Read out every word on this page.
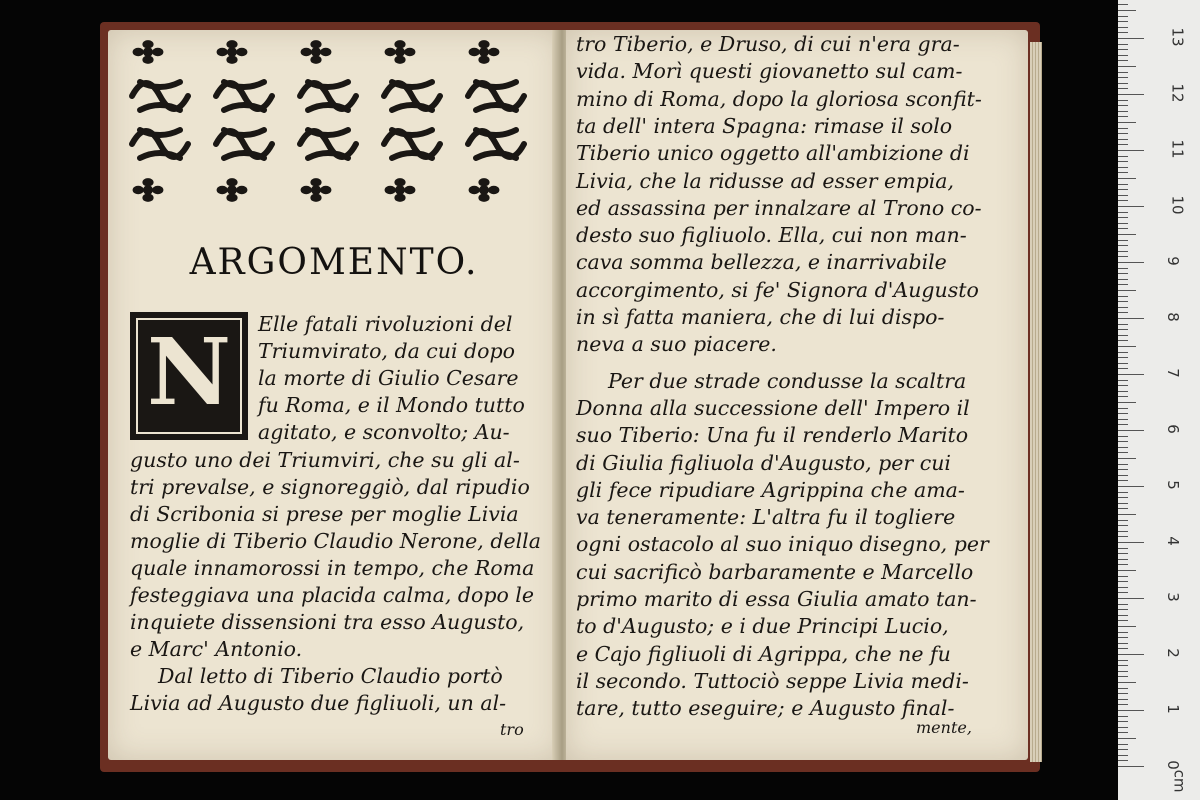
ARGOMENTO.
N	Elle fatali rivoluzioni del
Triumvirato, da cui dopo
la morte di Giulio Cesare
fu Roma, e il Mondo tutto
agitato, e sconvolto; Au-
gusto uno dei Triumviri, che su gli al-
tri prevalse, e signoreggiò, dal ripudio
di Scribonia si prese per moglie Livia
moglie di Tiberio Claudio Nerone, della
quale innamorossi in tempo, che Roma
festeggiava una placida calma, dopo le
inquiete dissensioni tra esso Augusto,
e Marc' Antonio.
Dal letto di Tiberio Claudio portò
Livia ad Augusto due figliuoli, un al-
tro
tro Tiberio, e Druso, di cui n'era gra-
vida. Morì questi giovanetto sul cam-
mino di Roma, dopo la gloriosa sconfit-
ta dell' intera Spagna: rimase il solo
Tiberio unico oggetto all'ambizione di
Livia, che la ridusse ad esser empia,
ed assassina per innalzare al Trono co-
desto suo figliuolo. Ella, cui non man-
cava somma bellezza, e inarrivabile
accorgimento, si fe' Signora d'Augusto
in sì fatta maniera, che di lui dispo-
neva a suo piacere.
Per due strade condusse la scaltra
Donna alla successione dell' Impero il
suo Tiberio: Una fu il renderlo Marito
di Giulia figliuola d'Augusto, per cui
gli fece ripudiare Agrippina che ama-
va teneramente: L'altra fu il togliere
ogni ostacolo al suo iniquo disegno, per
cui sacrificò barbaramente e Marcello
primo marito di essa Giulia amato tan-
to d'Augusto; e i due Principi Lucio,
e Cajo figliuoli di Agrippa, che ne fu
il secondo. Tuttociò seppe Livia medi-
tare, tutto eseguire; e Augusto final-
mente,
0
1
2
3
4
5
6
7
8
9
10
11
12
13
cm
